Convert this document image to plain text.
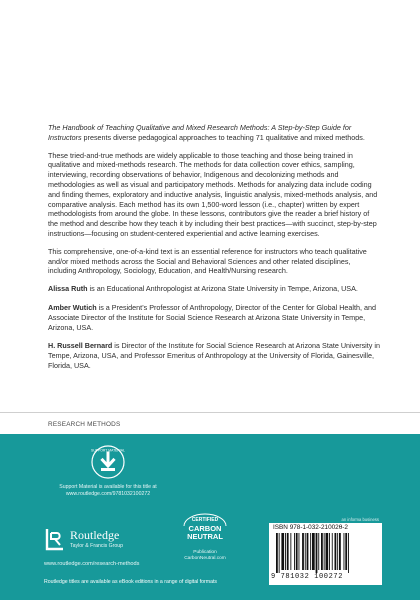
The Handbook of Teaching Qualitative and Mixed Research Methods: A Step-by-Step Guide for Instructors presents diverse pedagogical approaches to teaching 71 qualitative and mixed methods.

These tried-and-true methods are widely applicable to those teaching and those being trained in qualitative and mixed-methods research. The methods for data collection cover ethics, sampling, interviewing, recording observations of behavior, Indigenous and decolonizing methods and methodologies as well as visual and participatory methods. Methods for analyzing data include coding and finding themes, exploratory and inductive analysis, linguistic analysis, mixed-methods analysis, and comparative analysis. Each method has its own 1,500-word lesson (i.e., chapter) written by expert methodologists from around the globe. In these lessons, contributors give the reader a brief history of the method and describe how they teach it by including their best practices—with succinct, step-by-step instructions—focusing on student-centered experiential and active learning exercises.

This comprehensive, one-of-a-kind text is an essential reference for instructors who teach qualitative and/or mixed methods across the Social and Behavioral Sciences and other related disciplines, including Anthropology, Sociology, Education, and Health/Nursing research.

Alissa Ruth is an Educational Anthropologist at Arizona State University in Tempe, Arizona, USA.

Amber Wutich is a President’s Professor of Anthropology, Director of the Center for Global Health, and Associate Director of the Institute for Social Science Research at Arizona State University in Tempe, Arizona, USA.

H. Russell Bernard is Director of the Institute for Social Science Research at Arizona State University in Tempe, Arizona, USA, and Professor Emeritus of Anthropology at the University of Florida, Gainesville, Florida, USA.

RESEARCH METHODS
SUPPORT MATERIAL
Support Material is available for this title at
www.routledge.com/9781032100272
Routledge
Taylor & Francis Group
www.routledge.com/research-methods
Routledge titles are available as eBook editions in a range of digital formats
CERTIFIED
CARBON
NEUTRAL
Publication
CarbonNeutral.com
an informa business
ISBN 978-1-032-21002θ-2
9 781032 100272
